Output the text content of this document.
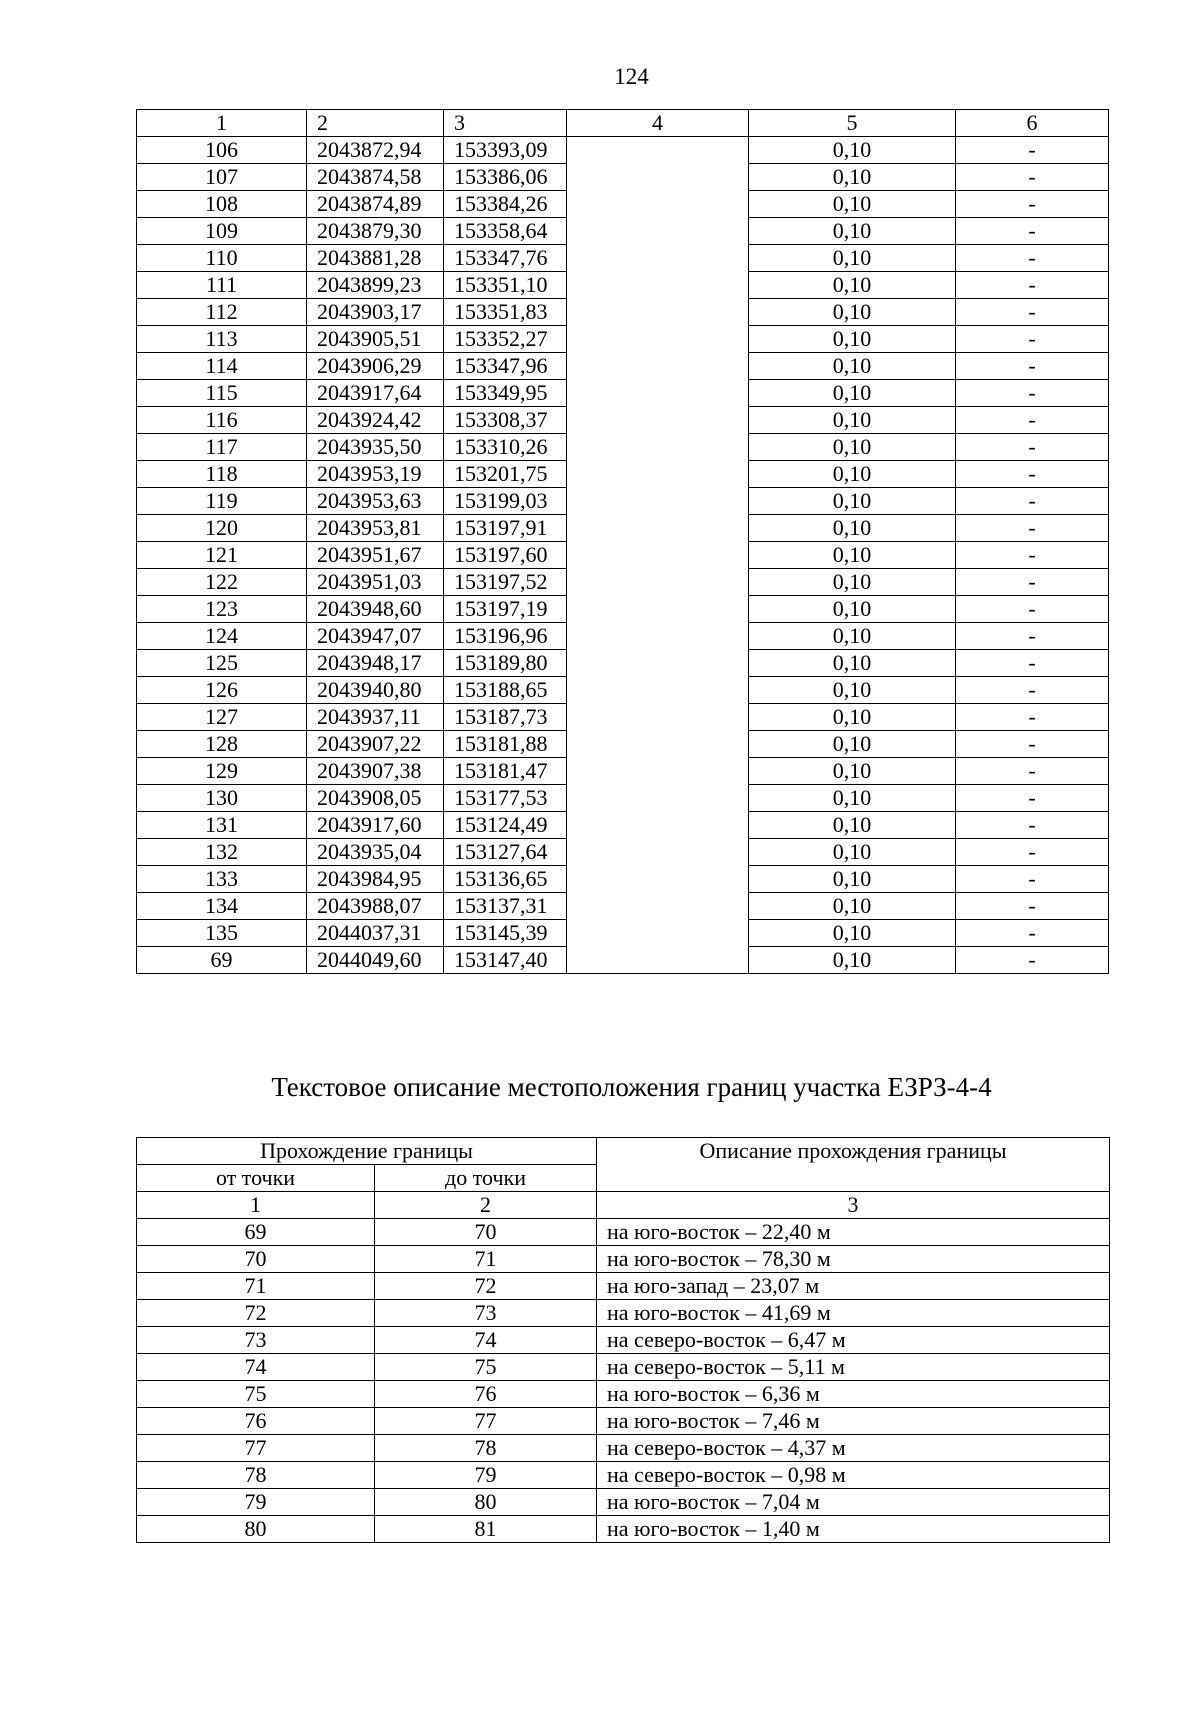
124
1	2	3	4	5	6
106	2043872,94	153393,09		0,10	-
107	2043874,58	153386,06		0,10	-
108	2043874,89	153384,26		0,10	-
109	2043879,30	153358,64		0,10	-
110	2043881,28	153347,76		0,10	-
111	2043899,23	153351,10		0,10	-
112	2043903,17	153351,83		0,10	-
113	2043905,51	153352,27		0,10	-
114	2043906,29	153347,96		0,10	-
115	2043917,64	153349,95		0,10	-
116	2043924,42	153308,37		0,10	-
117	2043935,50	153310,26		0,10	-
118	2043953,19	153201,75		0,10	-
119	2043953,63	153199,03		0,10	-
120	2043953,81	153197,91		0,10	-
121	2043951,67	153197,60		0,10	-
122	2043951,03	153197,52		0,10	-
123	2043948,60	153197,19		0,10	-
124	2043947,07	153196,96		0,10	-
125	2043948,17	153189,80		0,10	-
126	2043940,80	153188,65		0,10	-
127	2043937,11	153187,73		0,10	-
128	2043907,22	153181,88		0,10	-
129	2043907,38	153181,47		0,10	-
130	2043908,05	153177,53		0,10	-
131	2043917,60	153124,49		0,10	-
132	2043935,04	153127,64		0,10	-
133	2043984,95	153136,65		0,10	-
134	2043988,07	153137,31		0,10	-
135	2044037,31	153145,39		0,10	-
69	2044049,60	153147,40		0,10	-
Текстовое описание местоположения границ участка ЕЗРЗ-4-4
Прохождение границы		Описание прохождения границы
от точки	до точки	
1	2	3
69	70	на юго-восток – 22,40 м
70	71	на юго-восток – 78,30 м
71	72	на юго-запад – 23,07 м
72	73	на юго-восток – 41,69 м
73	74	на северо-восток – 6,47 м
74	75	на северо-восток – 5,11 м
75	76	на юго-восток – 6,36 м
76	77	на юго-восток – 7,46 м
77	78	на северо-восток – 4,37 м
78	79	на северо-восток – 0,98 м
79	80	на юго-восток – 7,04 м
80	81	на юго-восток – 1,40 м
